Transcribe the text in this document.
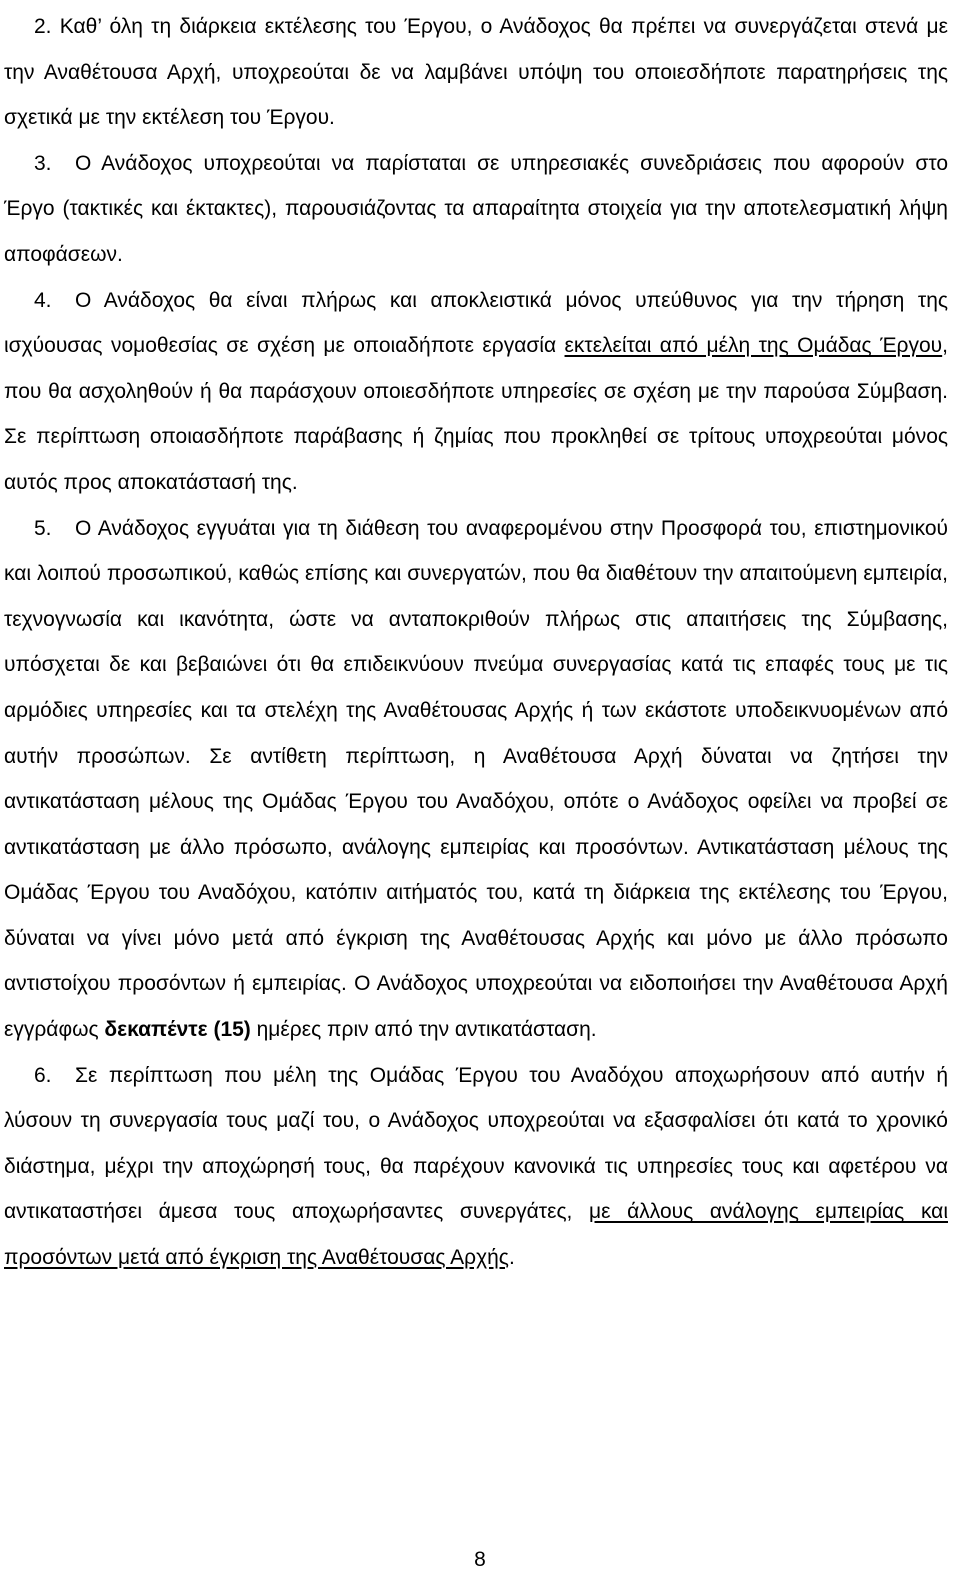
2. Καθ’ όλη τη διάρκεια εκτέλεσης του Έργου, ο Ανάδοχος θα πρέπει να συνεργάζεται στενά με την Αναθέτουσα Αρχή, υποχρεούται δε να λαμβάνει υπόψη του οποιεσδήποτε παρατηρήσεις της σχετικά με την εκτέλεση του Έργου.

3. Ο Ανάδοχος υποχρεούται να παρίσταται σε υπηρεσιακές συνεδριάσεις που αφορούν στο Έργο (τακτικές και έκτακτες), παρουσιάζοντας τα απαραίτητα στοιχεία για την αποτελεσματική λήψη αποφάσεων.

4. Ο Ανάδοχος θα είναι πλήρως και αποκλειστικά μόνος υπεύθυνος για την τήρηση της ισχύουσας νομοθεσίας σε σχέση με οποιαδήποτε εργασία εκτελείται από μέλη της Ομάδας Έργου, που θα ασχοληθούν ή θα παράσχουν οποιεσδήποτε υπηρεσίες σε σχέση με την παρούσα Σύμβαση. Σε περίπτωση οποιασδήποτε παράβασης ή ζημίας που προκληθεί σε τρίτους υποχρεούται μόνος αυτός προς αποκατάστασή της.

5. Ο Ανάδοχος εγγυάται για τη διάθεση του αναφερομένου στην Προσφορά του, επιστημονικού και λοιπού προσωπικού, καθώς επίσης και συνεργατών, που θα διαθέτουν την απαιτούμενη εμπειρία, τεχνογνωσία και ικανότητα, ώστε να ανταποκριθούν πλήρως στις απαιτήσεις της Σύμβασης, υπόσχεται δε και βεβαιώνει ότι θα επιδεικνύουν πνεύμα συνεργασίας κατά τις επαφές τους με τις αρμόδιες υπηρεσίες και τα στελέχη της Αναθέτουσας Αρχής ή των εκάστοτε υποδεικνυομένων από αυτήν προσώπων. Σε αντίθετη περίπτωση, η Αναθέτουσα Αρχή δύναται να ζητήσει την αντικατάσταση μέλους της Ομάδας Έργου του Αναδόχου, οπότε ο Ανάδοχος οφείλει να προβεί σε αντικατάσταση με άλλο πρόσωπο, ανάλογης εμπειρίας και προσόντων. Αντικατάσταση μέλους της Ομάδας Έργου του Αναδόχου, κατόπιν αιτήματός του, κατά τη διάρκεια της εκτέλεσης του Έργου, δύναται να γίνει μόνο μετά από έγκριση της Αναθέτουσας Αρχής και μόνο με άλλο πρόσωπο αντιστοίχου προσόντων ή εμπειρίας. Ο Ανάδοχος υποχρεούται να ειδοποιήσει την Αναθέτουσα Αρχή εγγράφως δεκαπέντε (15) ημέρες πριν από την αντικατάσταση.

6. Σε περίπτωση που μέλη της Ομάδας Έργου του Αναδόχου αποχωρήσουν από αυτήν ή λύσουν τη συνεργασία τους μαζί του, ο Ανάδοχος υποχρεούται να εξασφαλίσει ότι κατά το χρονικό διάστημα, μέχρι την αποχώρησή τους, θα παρέχουν κανονικά τις υπηρεσίες τους και αφετέρου να αντικαταστήσει άμεσα τους αποχωρήσαντες συνεργάτες, με άλλους ανάλογης εμπειρίας και προσόντων μετά από έγκριση της Αναθέτουσας Αρχής.

8
